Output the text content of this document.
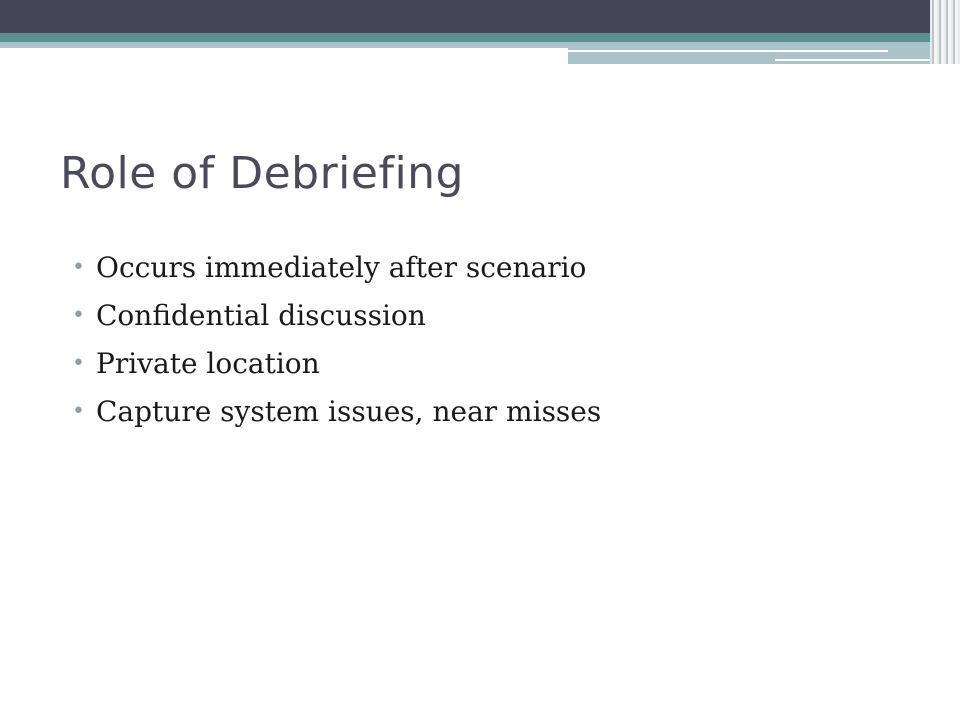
Role of Debriefing
• Occurs immediately after scenario
• Confidential discussion
• Private location
• Capture system issues, near misses
